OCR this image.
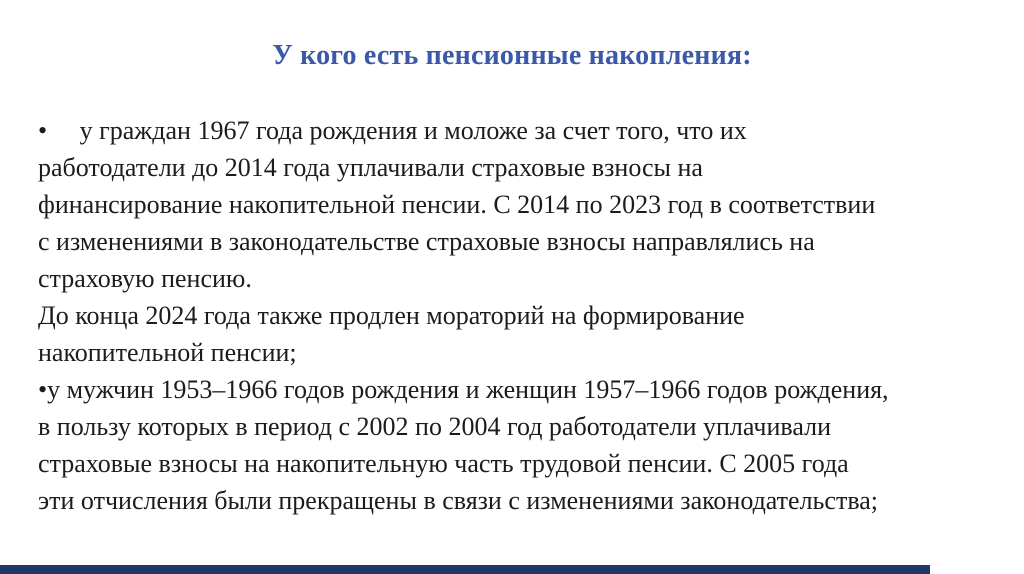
У кого есть пенсионные накопления:
•     у граждан 1967 года рождения и моложе за счет того, что их
работодатели до 2014 года уплачивали страховые взносы на
финансирование накопительной пенсии. С 2014 по 2023 год в соответствии
с изменениями в законодательстве страховые взносы направлялись на
страховую пенсию.
До конца 2024 года также продлен мораторий на формирование
накопительной пенсии;
•у мужчин 1953–1966 годов рождения и женщин 1957–1966 годов рождения,
в пользу которых в период с 2002 по 2004 год работодатели уплачивали
страховые взносы на накопительную часть трудовой пенсии. С 2005 года
эти отчисления были прекращены в связи с изменениями законодательства;
